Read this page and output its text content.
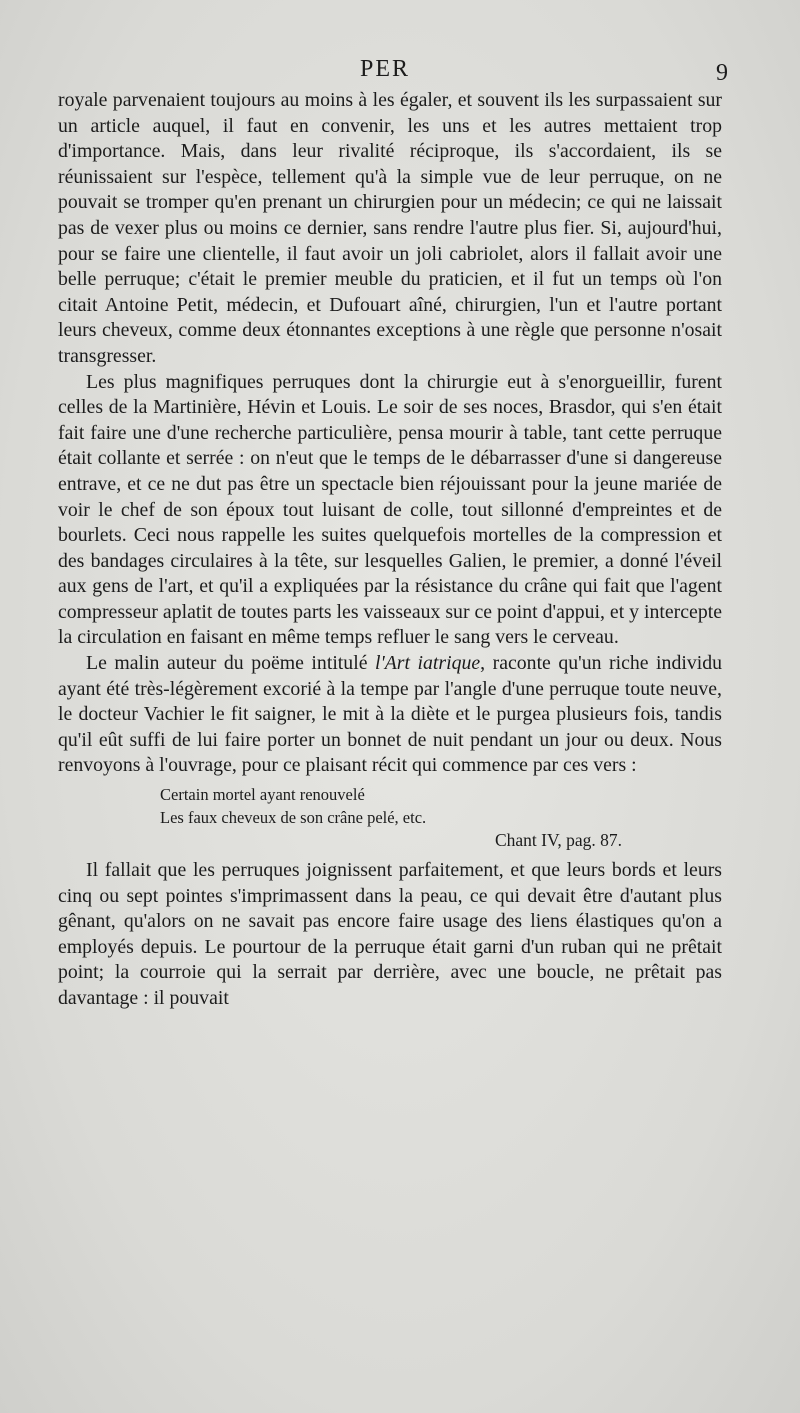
PER	9

royale parvenaient toujours au moins à les égaler, et souvent ils les surpassaient sur un article auquel, il faut en convenir, les uns et les autres mettaient trop d'importance. Mais, dans leur rivalité réciproque, ils s'accordaient, ils se réunissaient sur l'espèce, tellement qu'à la simple vue de leur perruque, on ne pouvait se tromper qu'en prenant un chirurgien pour un médecin; ce qui ne laissait pas de vexer plus ou moins ce dernier, sans rendre l'autre plus fier. Si, aujourd'hui, pour se faire une clientelle, il faut avoir un joli cabriolet, alors il fallait avoir une belle perruque; c'était le premier meuble du praticien, et il fut un temps où l'on citait Antoine Petit, médecin, et Dufouart aîné, chirurgien, l'un et l'autre portant leurs cheveux, comme deux étonnantes exceptions à une règle que personne n'osait transgresser.

Les plus magnifiques perruques dont la chirurgie eut à s'enorgueillir, furent celles de la Martinière, Hévin et Louis. Le soir de ses noces, Brasdor, qui s'en était fait faire une d'une recherche particulière, pensa mourir à table, tant cette perruque était collante et serrée : on n'eut que le temps de le débarrasser d'une si dangereuse entrave, et ce ne dut pas être un spectacle bien réjouissant pour la jeune mariée de voir le chef de son époux tout luisant de colle, tout sillonné d'empreintes et de bourlets. Ceci nous rappelle les suites quelquefois mortelles de la compression et des bandages circulaires à la tête, sur lesquelles Galien, le premier, a donné l'éveil aux gens de l'art, et qu'il a expliquées par la résistance du crâne qui fait que l'agent compresseur aplatit de toutes parts les vaisseaux sur ce point d'appui, et y intercepte la circulation en faisant en même temps refluer le sang vers le cerveau.

Le malin auteur du poëme intitulé l'Art iatrique, raconte qu'un riche individu ayant été très-légèrement excorié à la tempe par l'angle d'une perruque toute neuve, le docteur Vachier le fit saigner, le mit à la diète et le purgea plusieurs fois, tandis qu'il eût suffi de lui faire porter un bonnet de nuit pendant un jour ou deux. Nous renvoyons à l'ouvrage, pour ce plaisant récit qui commence par ces vers :

Certain mortel ayant renouvelé
Les faux cheveux de son crâne pelé, etc.
Chant IV, pag. 87.

Il fallait que les perruques joignissent parfaitement, et que leurs bords et leurs cinq ou sept pointes s'imprimassent dans la peau, ce qui devait être d'autant plus gênant, qu'alors on ne savait pas encore faire usage des liens élastiques qu'on a employés depuis. Le pourtour de la perruque était garni d'un ruban qui ne prêtait point; la courroie qui la serrait par derrière, avec une boucle, ne prêtait pas davantage : il pouvait
